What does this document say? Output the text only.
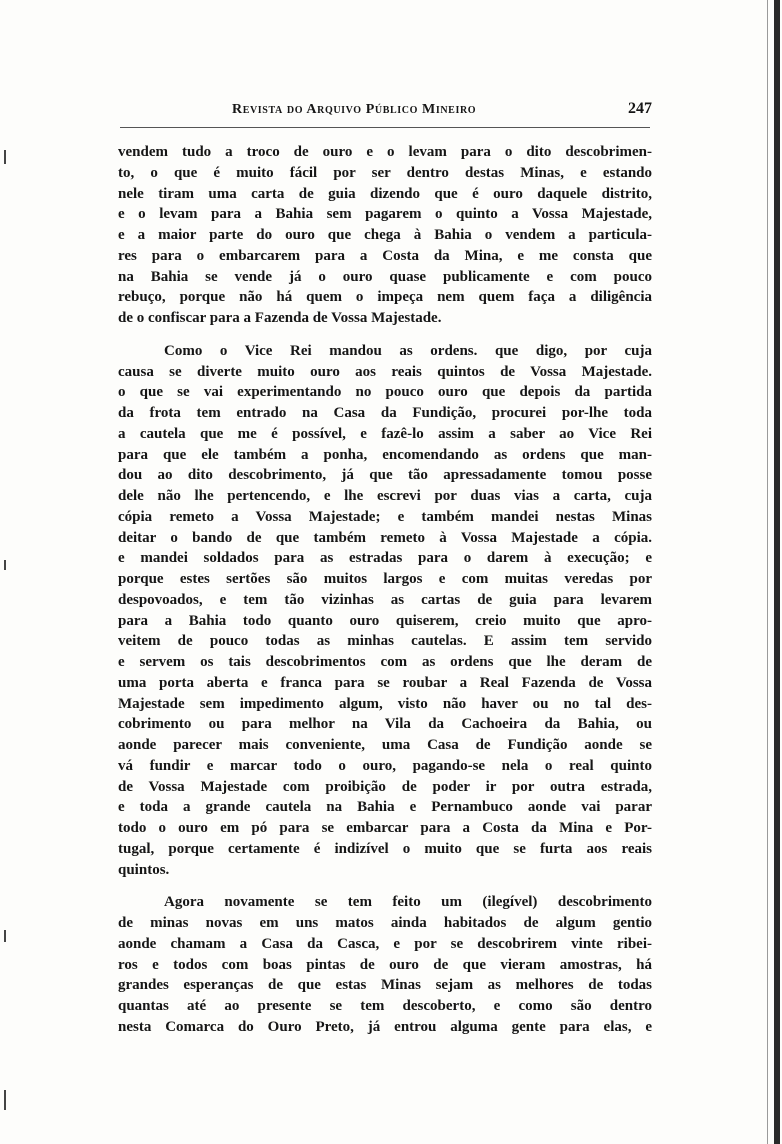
Revista do Arquivo Público Mineiro	247
vendem tudo a troco de ouro e o levam para o dito descobrimen-
to, o que é muito fácil por ser dentro destas Minas, e estando
nele tiram uma carta de guia dizendo que é ouro daquele distrito,
e o levam para a Bahia sem pagarem o quinto a Vossa Majestade,
e a maior parte do ouro que chega à Bahia o vendem a particula-
res para o embarcarem para a Costa da Mina, e me consta que
na Bahia se vende já o ouro quase publicamente e com pouco
rebuço, porque não há quem o impeça nem quem faça a diligência
de o confiscar para a Fazenda de Vossa Majestade.
Como o Vice Rei mandou as ordens. que digo, por cuja
causa se diverte muito ouro aos reais quintos de Vossa Majestade.
o que se vai experimentando no pouco ouro que depois da partida
da frota tem entrado na Casa da Fundição, procurei por-lhe toda
a cautela que me é possível, e fazê-lo assim a saber ao Vice Rei
para que ele também a ponha, encomendando as ordens que man-
dou ao dito descobrimento, já que tão apressadamente tomou posse
dele não lhe pertencendo, e lhe escrevi por duas vias a carta, cuja
cópia remeto a Vossa Majestade; e também mandei nestas Minas
deitar o bando de que também remeto à Vossa Majestade a cópia.
e mandei soldados para as estradas para o darem à execução; e
porque estes sertões são muitos largos e com muitas veredas por
despovoados, e tem tão vizinhas as cartas de guia para levarem
para a Bahia todo quanto ouro quiserem, creio muito que apro-
veitem de pouco todas as minhas cautelas. E assim tem servido
e servem os tais descobrimentos com as ordens que lhe deram de
uma porta aberta e franca para se roubar a Real Fazenda de Vossa
Majestade sem impedimento algum, visto não haver ou no tal des-
cobrimento ou para melhor na Vila da Cachoeira da Bahia, ou
aonde parecer mais conveniente, uma Casa de Fundição aonde se
vá fundir e marcar todo o ouro, pagando-se nela o real quinto
de Vossa Majestade com proibição de poder ir por outra estrada,
e toda a grande cautela na Bahia e Pernambuco aonde vai parar
todo o ouro em pó para se embarcar para a Costa da Mina e Por-
tugal, porque certamente é indizível o muito que se furta aos reais
quintos.
Agora novamente se tem feito um (ilegível) descobrimento
de minas novas em uns matos ainda habitados de algum gentio
aonde chamam a Casa da Casca, e por se descobrirem vinte ribei-
ros e todos com boas pintas de ouro de que vieram amostras, há
grandes esperanças de que estas Minas sejam as melhores de todas
quantas até ao presente se tem descoberto, e como são dentro
nesta Comarca do Ouro Preto, já entrou alguma gente para elas, e
